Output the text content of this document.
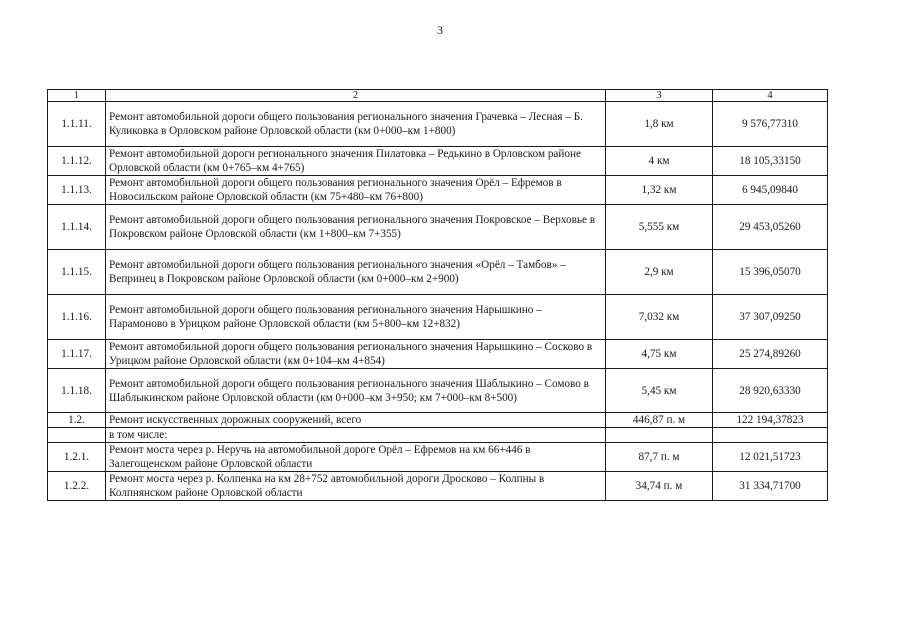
3
1	2	3	4
1.1.11.	Ремонт автомобильной дороги общего пользования регионального значения Грачевка – Лесная – Б. Куликовка в Орловском районе Орловской области (км 0+000–км 1+800)	1,8 км	9 576,77310
1.1.12.	Ремонт автомобильной дороги регионального значения Пилатовка – Редькино в Орловском районе Орловской области (км 0+765–км 4+765)	4 км	18 105,33150
1.1.13.	Ремонт автомобильной дороги общего пользования регионального значения Орёл – Ефремов в Новосильском районе Орловской области (км 75+480–км 76+800)	1,32 км	6 945,09840
1.1.14.	Ремонт автомобильной дороги общего пользования регионального значения Покровское – Верховье в Покровском районе Орловской области (км 1+800–км 7+355)	5,555 км	29 453,05260
1.1.15.	Ремонт автомобильной дороги общего пользования регионального значения «Орёл – Тамбов» – Вепринец в Покровском районе Орловской области (км 0+000–км 2+900)	2,9 км	15 396,05070
1.1.16.	Ремонт автомобильной дороги общего пользования регионального значения Нарышкино – Парамоново в Урицком районе Орловской области (км 5+800–км 12+832)	7,032 км	37 307,09250
1.1.17.	Ремонт автомобильной дороги общего пользования регионального значения Нарышкино – Сосково в Урицком районе Орловской области (км 0+104–км 4+854)	4,75 км	25 274,89260
1.1.18.	Ремонт автомобильной дороги общего пользования регионального значения Шаблыкино – Сомово в Шаблыкинском районе Орловской области (км 0+000–км 3+950; км 7+000–км 8+500)	5,45 км	28 920,63330
1.2.	Ремонт искусственных дорожных сооружений, всего	446,87 п. м	122 194,37823
	в том числе:		
1.2.1.	Ремонт моста через р. Неручь на автомобильной дороге Орёл – Ефремов на км 66+446 в Залегощенском районе Орловской области	87,7 п. м	12 021,51723
1.2.2.	Ремонт моста через р. Колпенка на км 28+752 автомобильной дороги Дросково – Колпны в Колпнянском районе Орловской области	34,74 п. м	31 334,71700
